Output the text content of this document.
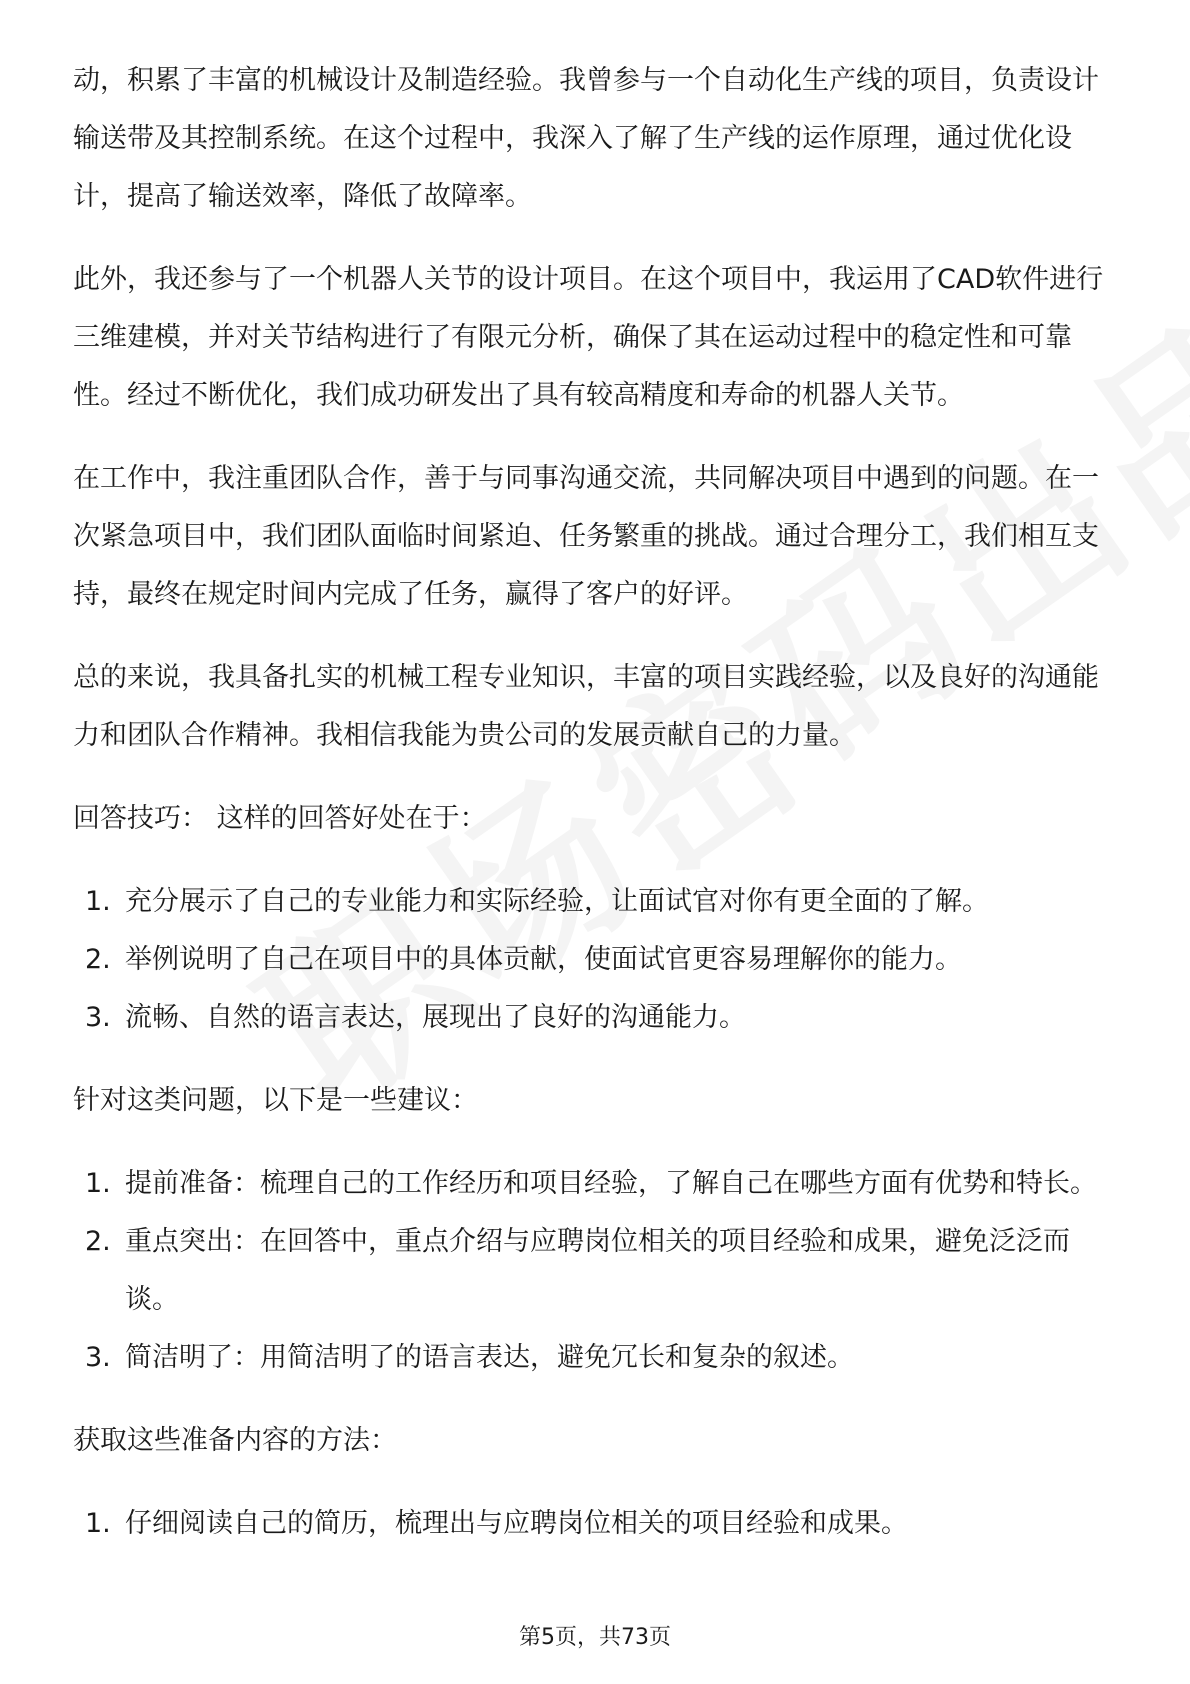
动，积累了丰富的机械设计及制造经验。我曾参与一个自动化生产线的项目，负责设计输送带及其控制系统。在这个过程中，我深入了解了生产线的运作原理，通过优化设计，提高了输送效率，降低了故障率。

此外，我还参与了一个机器人关节的设计项目。在这个项目中，我运用了CAD软件进行三维建模，并对关节结构进行了有限元分析，确保了其在运动过程中的稳定性和可靠性。经过不断优化，我们成功研发出了具有较高精度和寿命的机器人关节。

在工作中，我注重团队合作，善于与同事沟通交流，共同解决项目中遇到的问题。在一次紧急项目中，我们团队面临时间紧迫、任务繁重的挑战。通过合理分工，我们相互支持，最终在规定时间内完成了任务，赢得了客户的好评。

总的来说，我具备扎实的机械工程专业知识，丰富的项目实践经验，以及良好的沟通能力和团队合作精神。我相信我能为贵公司的发展贡献自己的力量。

回答技巧： 这样的回答好处在于：

1. 充分展示了自己的专业能力和实际经验，让面试官对你有更全面的了解。
2. 举例说明了自己在项目中的具体贡献，使面试官更容易理解你的能力。
3. 流畅、自然的语言表达，展现出了良好的沟通能力。

针对这类问题，以下是一些建议：

1. 提前准备：梳理自己的工作经历和项目经验，了解自己在哪些方面有优势和特长。
2. 重点突出：在回答中，重点介绍与应聘岗位相关的项目经验和成果，避免泛泛而谈。
3. 简洁明了：用简洁明了的语言表达，避免冗长和复杂的叙述。

获取这些准备内容的方法：

1. 仔细阅读自己的简历，梳理出与应聘岗位相关的项目经验和成果。
第5页，共73页
